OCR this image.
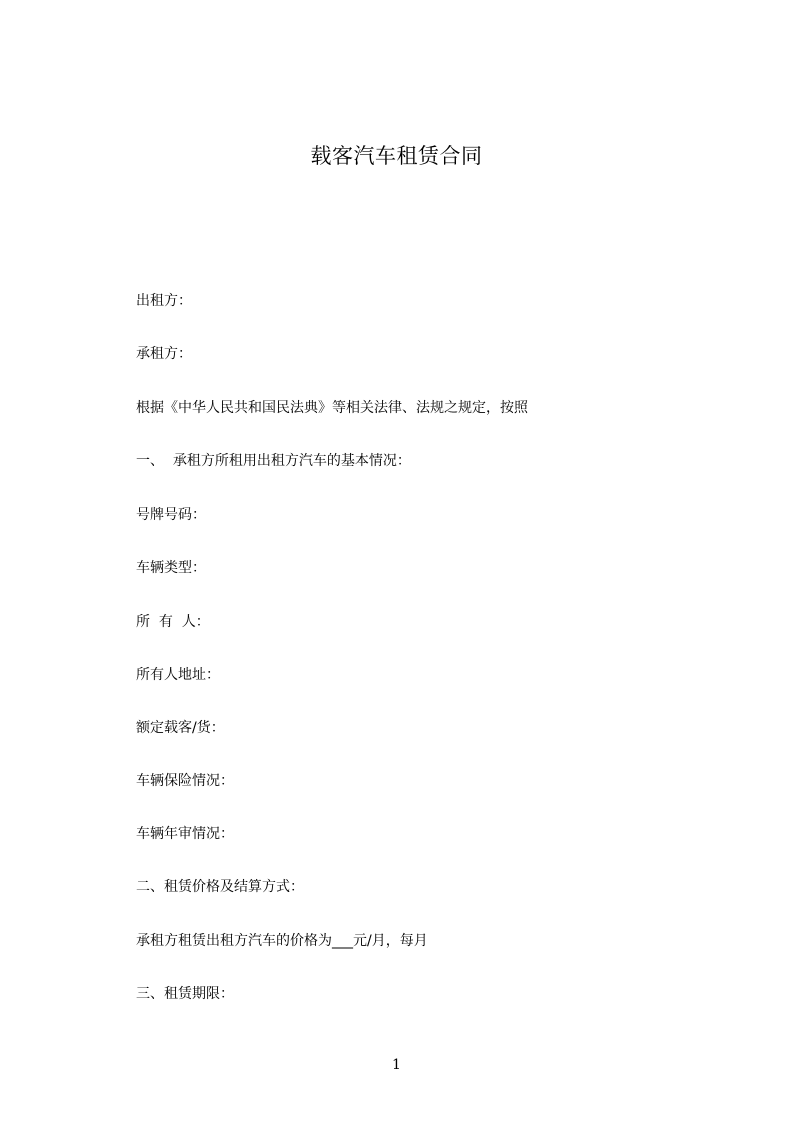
载客汽车租赁合同
出租方：
承租方：
根据《中华人民共和国民法典》等相关法律、法规之规定，按照
一、  承租方所租用出租方汽车的基本情况：
号牌号码：
车辆类型：
所  有  人：
所有人地址：
额定载客/货：
车辆保险情况：
车辆年审情况：
二、租赁价格及结算方式：
承租方租赁出租方汽车的价格为___元/月，每月
三、租赁期限：
1
